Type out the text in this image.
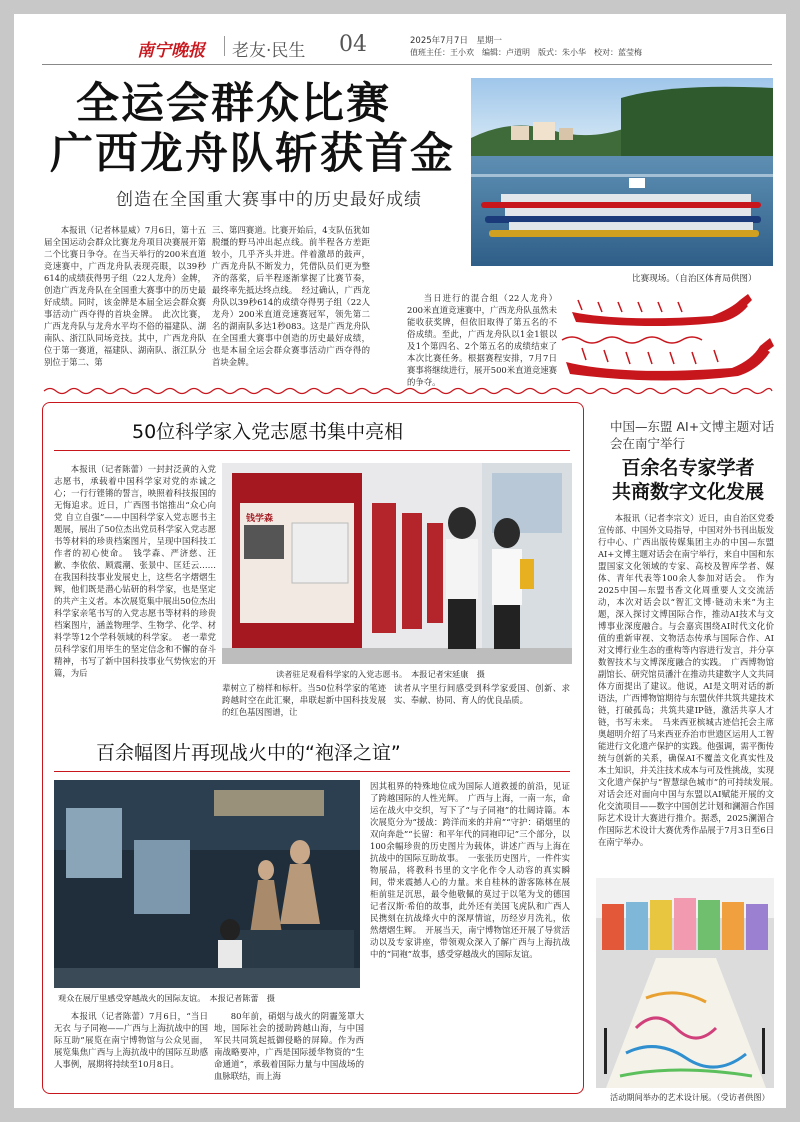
南宁晚报 老友·民生 04	2025年7月7日　星期一
值班主任：王小欢　编辑：卢道明　版式：朱小华　校对：蓝莹梅
全运会群众比赛
广西龙舟队斩获首金
创造在全国重大赛事中的历史最好成绩

本报讯（记者林显威）7月6日，第十五届全国运动会群众比赛龙舟项目决赛展开第二个比赛日争夺。在当天举行的200米直道竞速赛中，广西龙舟队表现亮眼，以39秒614的成绩获得男子组（22人龙舟）金牌，创造广西龙舟队在全国重大赛事中的历史最好成绩。同时，该金牌是本届全运会群众赛事活动广西夺得的首块金牌。　此次比赛，广西龙舟队与龙舟水平均不俗的福建队、湖南队、浙江队同场竞技。其中，广西龙舟队位于第一赛道，福建队、湖南队、浙江队分别位于第二、第

三、第四赛道。比赛开始后，4支队伍犹如脱缰的野马冲出起点线。前半程各方差距较小，几乎齐头并进。伴着激昂的鼓声，广西龙舟队不断发力，凭借队员们更为整齐的落桨，后半程逐渐掌握了比赛节奏，最终率先抵达终点线。　经过确认，广西龙舟队以39秒614的成绩夺得男子组（22人龙舟）200米直道竞速赛冠军，领先第二名的湖南队多达1秒083。这是广西龙舟队在全国重大赛事中创造的历史最好成绩，也是本届全运会群众赛事活动广西夺得的首块金牌。

当日进行的混合组（22人龙舟）200米直道竞速赛中，广西龙舟队虽然未能收获奖牌，但依旧取得了第五名的不俗成绩。至此，广西龙舟队以1金1银以及1个第四名、2个第五名的成绩结束了本次比赛任务。根据赛程安排，7月7日赛事将继续进行，展开500米直道竞速赛的争夺。

比赛现场。（自治区体育局供图）
50位科学家入党志愿书集中亮相

本报讯（记者陈蕾）一封封泛黄的入党志愿书，承载着中国科学家对党的赤诚之心；一行行铿锵的誓言，映照着科技报国的无悔追求。近日，广西图书馆推出“众心向党 自立自强”——中国科学家入党志愿书主题展，展出了50位杰出党员科学家入党志愿书等材料的珍贵档案图片，呈现中国科技工作者的初心使命。　钱学森、严济慈、汪歉、李依依、顾震潮、张景中、匡廷云……在我国科技事业发展史上，这些名字熠熠生辉，他们既是潜心钻研的科学家，也是坚定的共产主义者。本次展览集中展出50位杰出科学家亲笔书写的入党志愿书等材料的珍贵档案图片，涵盖物理学、生物学、化学、材料学等12个学科领域的科学家。　老一辈党员科学家们用毕生的坚定信念和不懈的奋斗精神，书写了新中国科技事业气势恢宏的开篇，为后

钱学森
读者驻足观看科学家的入党志愿书。　本报记者宋延康　摄

辈树立了榜样和标杆。当50位科学家的笔迹跨越时空在此汇聚，串联起新中国科技发展的红色基因图谱，让

读者从字里行间感受到科学家爱国、创新、求实、奉献、协同、育人的优良品质。

百余幅图片再现战火中的“袍泽之谊”
观众在展厅里感受穿越战火的国际友谊。　本报记者陈蕾　摄

本报讯（记者陈蕾）7月6日，“当日无衣 与子同袍——广西与上海抗战中的国际互助”展览在南宁博物馆与公众见面，展览集焦广西与上海抗战中的国际互助感人事例，展期将持续至10月8日。

80年前，硝烟与战火的阴霾笼罩大地，国际社会的援助跨越山海，与中国军民共同筑起抵御侵略的屏障。作为西南战略要冲，广西是国际援华物资的“生命通道”，承载着国际力量与中国战场的血脉联结，而上海

因其租界的特殊地位成为国际人道救援的前沿，见证了跨越国际的人性光辉。　广西与上海，一南一东，命运在战火中交织，写下了“与子同袍”的壮阔诗篇。本次展览分为“援战：跨洋而来的并肩”“守护：硝烟里的双向奔赴”“长留：和平年代的同袍印记”三个部分，以100余幅珍贵的历史图片为载体，讲述广西与上海在抗战中的国际互助故事。　一张张历史图片，一件件实物展品，将教科书里的文字化作令人动容的真实瞬间，带来震撼人心的力量。来自桂林的游客陈林在展柜前驻足沉思，最令他敬佩的莫过于以笔为戈的德国记者汉斯·希伯的故事，此外还有美国飞虎队和广西人民携刻在抗战烽火中的深厚情谊，历经岁月洗礼，依然熠熠生辉。　开展当天，南宁博物馆还开展了导赏活动以及专家讲座，带领观众深入了解广西与上海抗战中的“同袍”故事，感受穿越战火的国际友谊。

中国—东盟 AI+文博主题对话会在南宁举行
百余名专家学者
共商数字文化发展

本报讯（记者李宗文）近日，由自治区党委宣传部、中国外文局指导，中国对外书刊出版发行中心、广西出版传媒集团主办的中国—东盟AI+文博主题对话会在南宁举行，来自中国和东盟国家文化领域的专家、高校及智库学者、媒体、青年代表等100余人参加对话会。　作为2025中国—东盟书香文化周重要人文交流活动，本次对话会以“智汇文博·链动未来”为主题，深入探讨文博国际合作，推动AI技术与文博事业深度融合。与会嘉宾围绕AI时代文化价值的重新审视、文物活态传承与国际合作、AI对文博行业生态的重构等内容进行发言，并分享数智技术与文博深度融合的实践。　广西博物馆副馆长、研究馆员潘汁在推动共建数字人文共同体方面提出了建议。他说，AI是文明对话的新语法，广西博物馆期待与东盟伙伴共筑共建技术链，打破孤岛；共筑共建IP链，激活共享人才链，书写未来。　马来西亚槟城古迹信托会主席奥超明介绍了马来西亚乔治市世遗区运用人工智能进行文化遗产保护的实践。他强调，需平衡传统与创新的关系，确保AI不覆盖文化真实性及本土知识，并关注技术成本与可及性挑战，实现文化遗产保护与“智慧绿色城市”的可持续发展。　对话会还对面向中国与东盟以AI赋能开展的文化交流项目——数字中国创艺计划和澜湄合作国际艺术设计大赛进行推介。据悉，2025澜湄合作国际艺术设计大赛优秀作品展于7月3日至6日在南宁举办。

活动期间举办的艺术设计展。（受访者供图）
